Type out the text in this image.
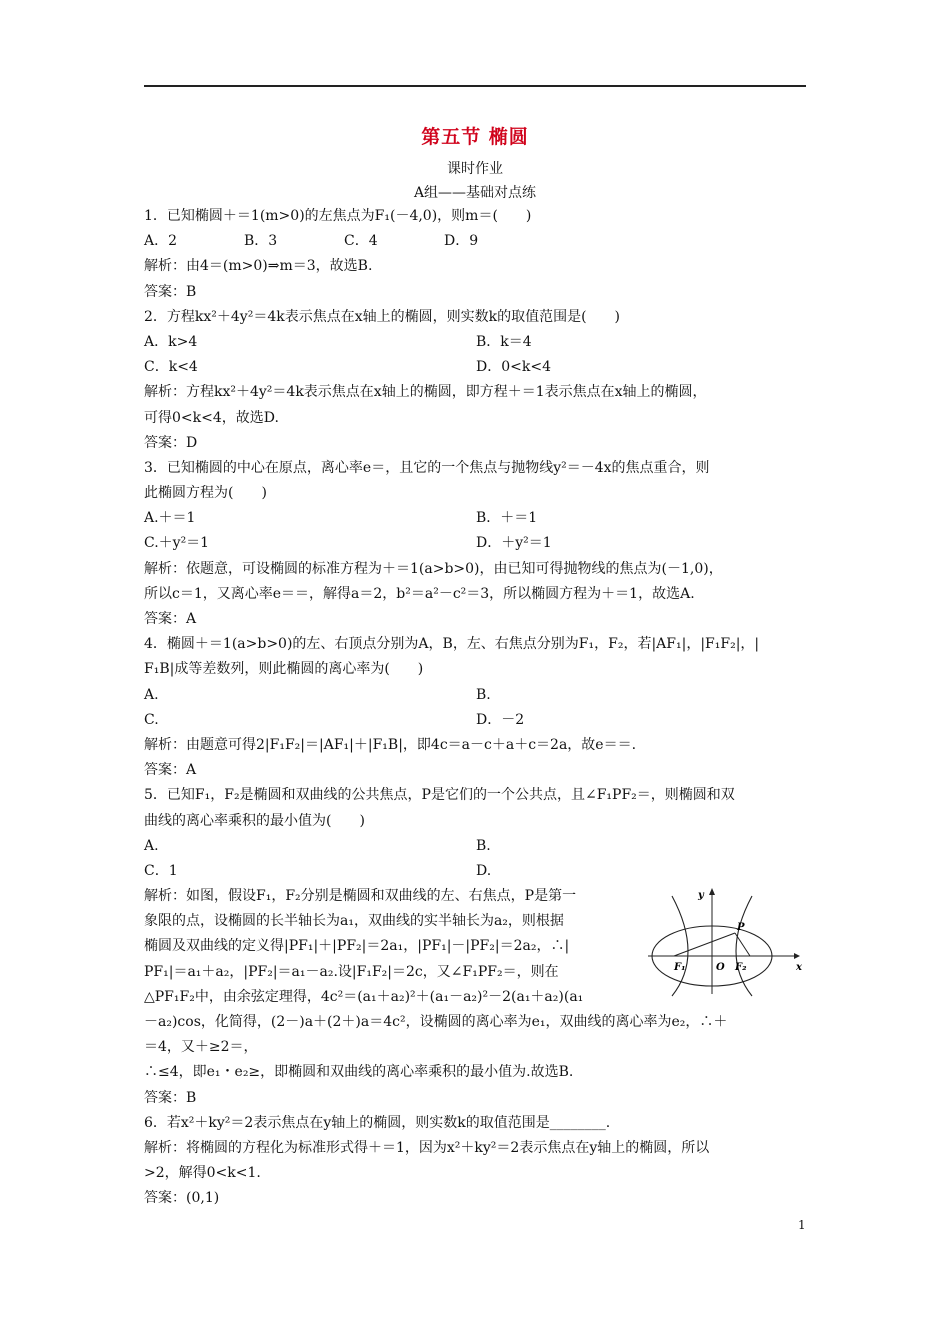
第五节 椭圆
课时作业
A组——基础对点练
1．已知椭圆＋＝1(m>0)的左焦点为F₁(－4,0)，则m＝(　　)
A．2	B．3	C．4	D．9
解析：由4＝(m>0)⇒m＝3，故选B.
答案：B
2．方程kx²＋4y²＝4k表示焦点在x轴上的椭圆，则实数k的取值范围是(　　)
A．k>4	B．k＝4
C．k<4	D．0<k<4
解析：方程kx²＋4y²＝4k表示焦点在x轴上的椭圆，即方程＋＝1表示焦点在x轴上的椭圆，
可得0<k<4，故选D.
答案：D
3．已知椭圆的中心在原点，离心率e＝，且它的一个焦点与抛物线y²＝－4x的焦点重合，则
此椭圆方程为(　　)
A.＋＝1	B．＋＝1
C.＋y²＝1	D．＋y²＝1
解析：依题意，可设椭圆的标准方程为＋＝1(a>b>0)，由已知可得抛物线的焦点为(－1,0)，
所以c＝1，又离心率e＝＝，解得a＝2，b²＝a²－c²＝3，所以椭圆方程为＋＝1，故选A.
答案：A
4．椭圆＋＝1(a>b>0)的左、右顶点分别为A，B，左、右焦点分别为F₁，F₂，若|AF₁|，|F₁F₂|，|
F₁B|成等差数列，则此椭圆的离心率为(　　)
A.	B.
C.	D．－2
解析：由题意可得2|F₁F₂|＝|AF₁|＋|F₁B|，即4c＝a－c＋a＋c＝2a，故e＝＝.
答案：A
5．已知F₁，F₂是椭圆和双曲线的公共焦点，P是它们的一个公共点，且∠F₁PF₂＝，则椭圆和双
曲线的离心率乘积的最小值为(　　)
A.	B.
C．1	D.
解析：如图，假设F₁，F₂分别是椭圆和双曲线的左、右焦点，P是第一
象限的点，设椭圆的长半轴长为a₁，双曲线的实半轴长为a₂，则根据
椭圆及双曲线的定义得|PF₁|＋|PF₂|＝2a₁，|PF₁|－|PF₂|＝2a₂，∴|
PF₁|＝a₁＋a₂，|PF₂|＝a₁－a₂.设|F₁F₂|＝2c，又∠F₁PF₂＝，则在
△PF₁F₂中，由余弦定理得，4c²＝(a₁＋a₂)²＋(a₁－a₂)²－2(a₁＋a₂)(a₁
y
x
P
O
F₁	F₂
－a₂)cos，化简得，(2－)a＋(2＋)a＝4c²，设椭圆的离心率为e₁，双曲线的离心率为e₂，∴＋
＝4，又＋≥2＝，
∴≤4，即e₁・e₂≥，即椭圆和双曲线的离心率乘积的最小值为.故选B.
答案：B
6．若x²＋ky²＝2表示焦点在y轴上的椭圆，则实数k的取值范围是________.
解析：将椭圆的方程化为标准形式得＋＝1，因为x²＋ky²＝2表示焦点在y轴上的椭圆，所以
>2，解得0<k<1.
答案：(0,1)
1
